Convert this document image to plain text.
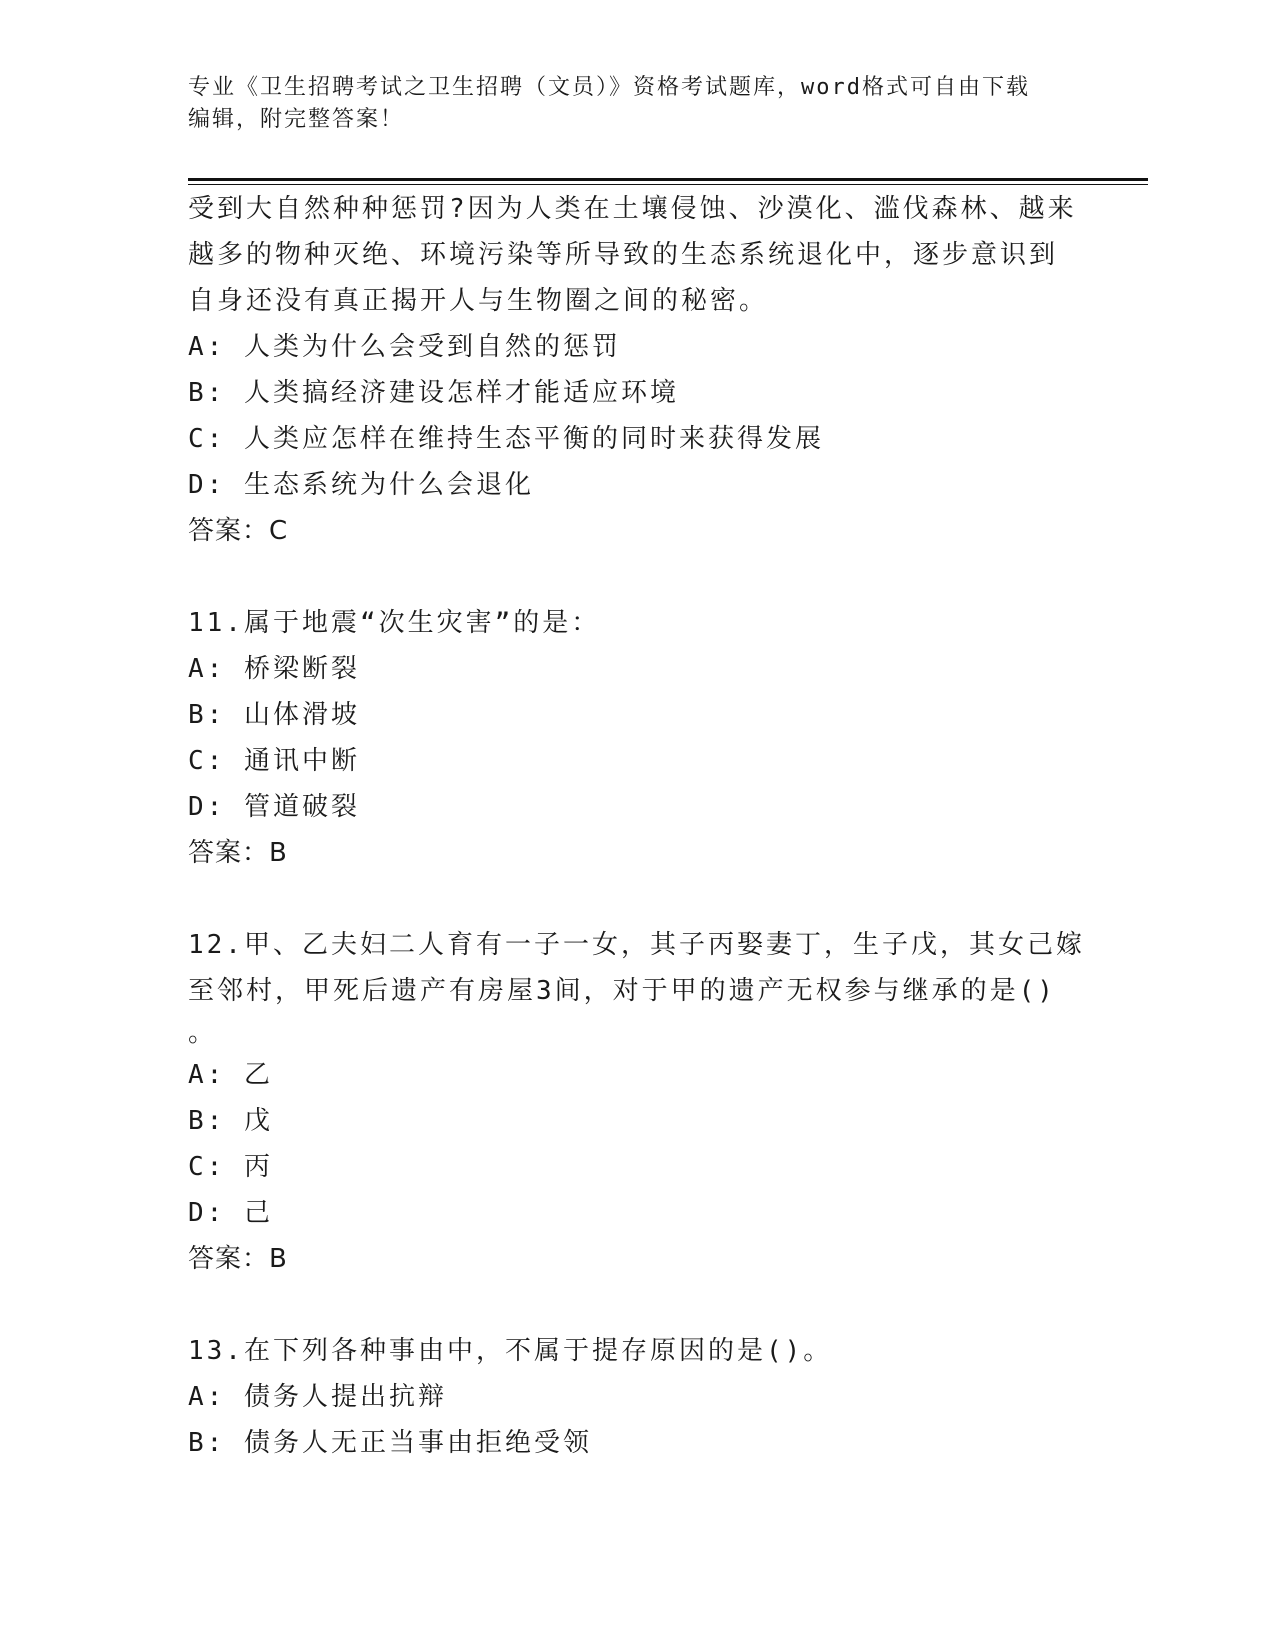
专业《卫生招聘考试之卫生招聘（文员）》资格考试题库，word格式可自由下载
编辑，附完整答案！
受到大自然种种惩罚?因为人类在土壤侵蚀、沙漠化、滥伐森林、越来
越多的物种灭绝、环境污染等所导致的生态系统退化中，逐步意识到
自身还没有真正揭开人与生物圈之间的秘密。
A: 人类为什么会受到自然的惩罚
B: 人类搞经济建设怎样才能适应环境
C: 人类应怎样在维持生态平衡的同时来获得发展
D: 生态系统为什么会退化
答案：C
11.属于地震“次生灾害”的是：
A: 桥梁断裂
B: 山体滑坡
C: 通讯中断
D: 管道破裂
答案：B
12.甲、乙夫妇二人育有一子一女，其子丙娶妻丁，生子戊，其女己嫁
至邻村，甲死后遗产有房屋3间，对于甲的遗产无权参与继承的是()
。
A: 乙
B: 戊
C: 丙
D: 己
答案：B
13.在下列各种事由中，不属于提存原因的是()。
A: 债务人提出抗辩
B: 债务人无正当事由拒绝受领
